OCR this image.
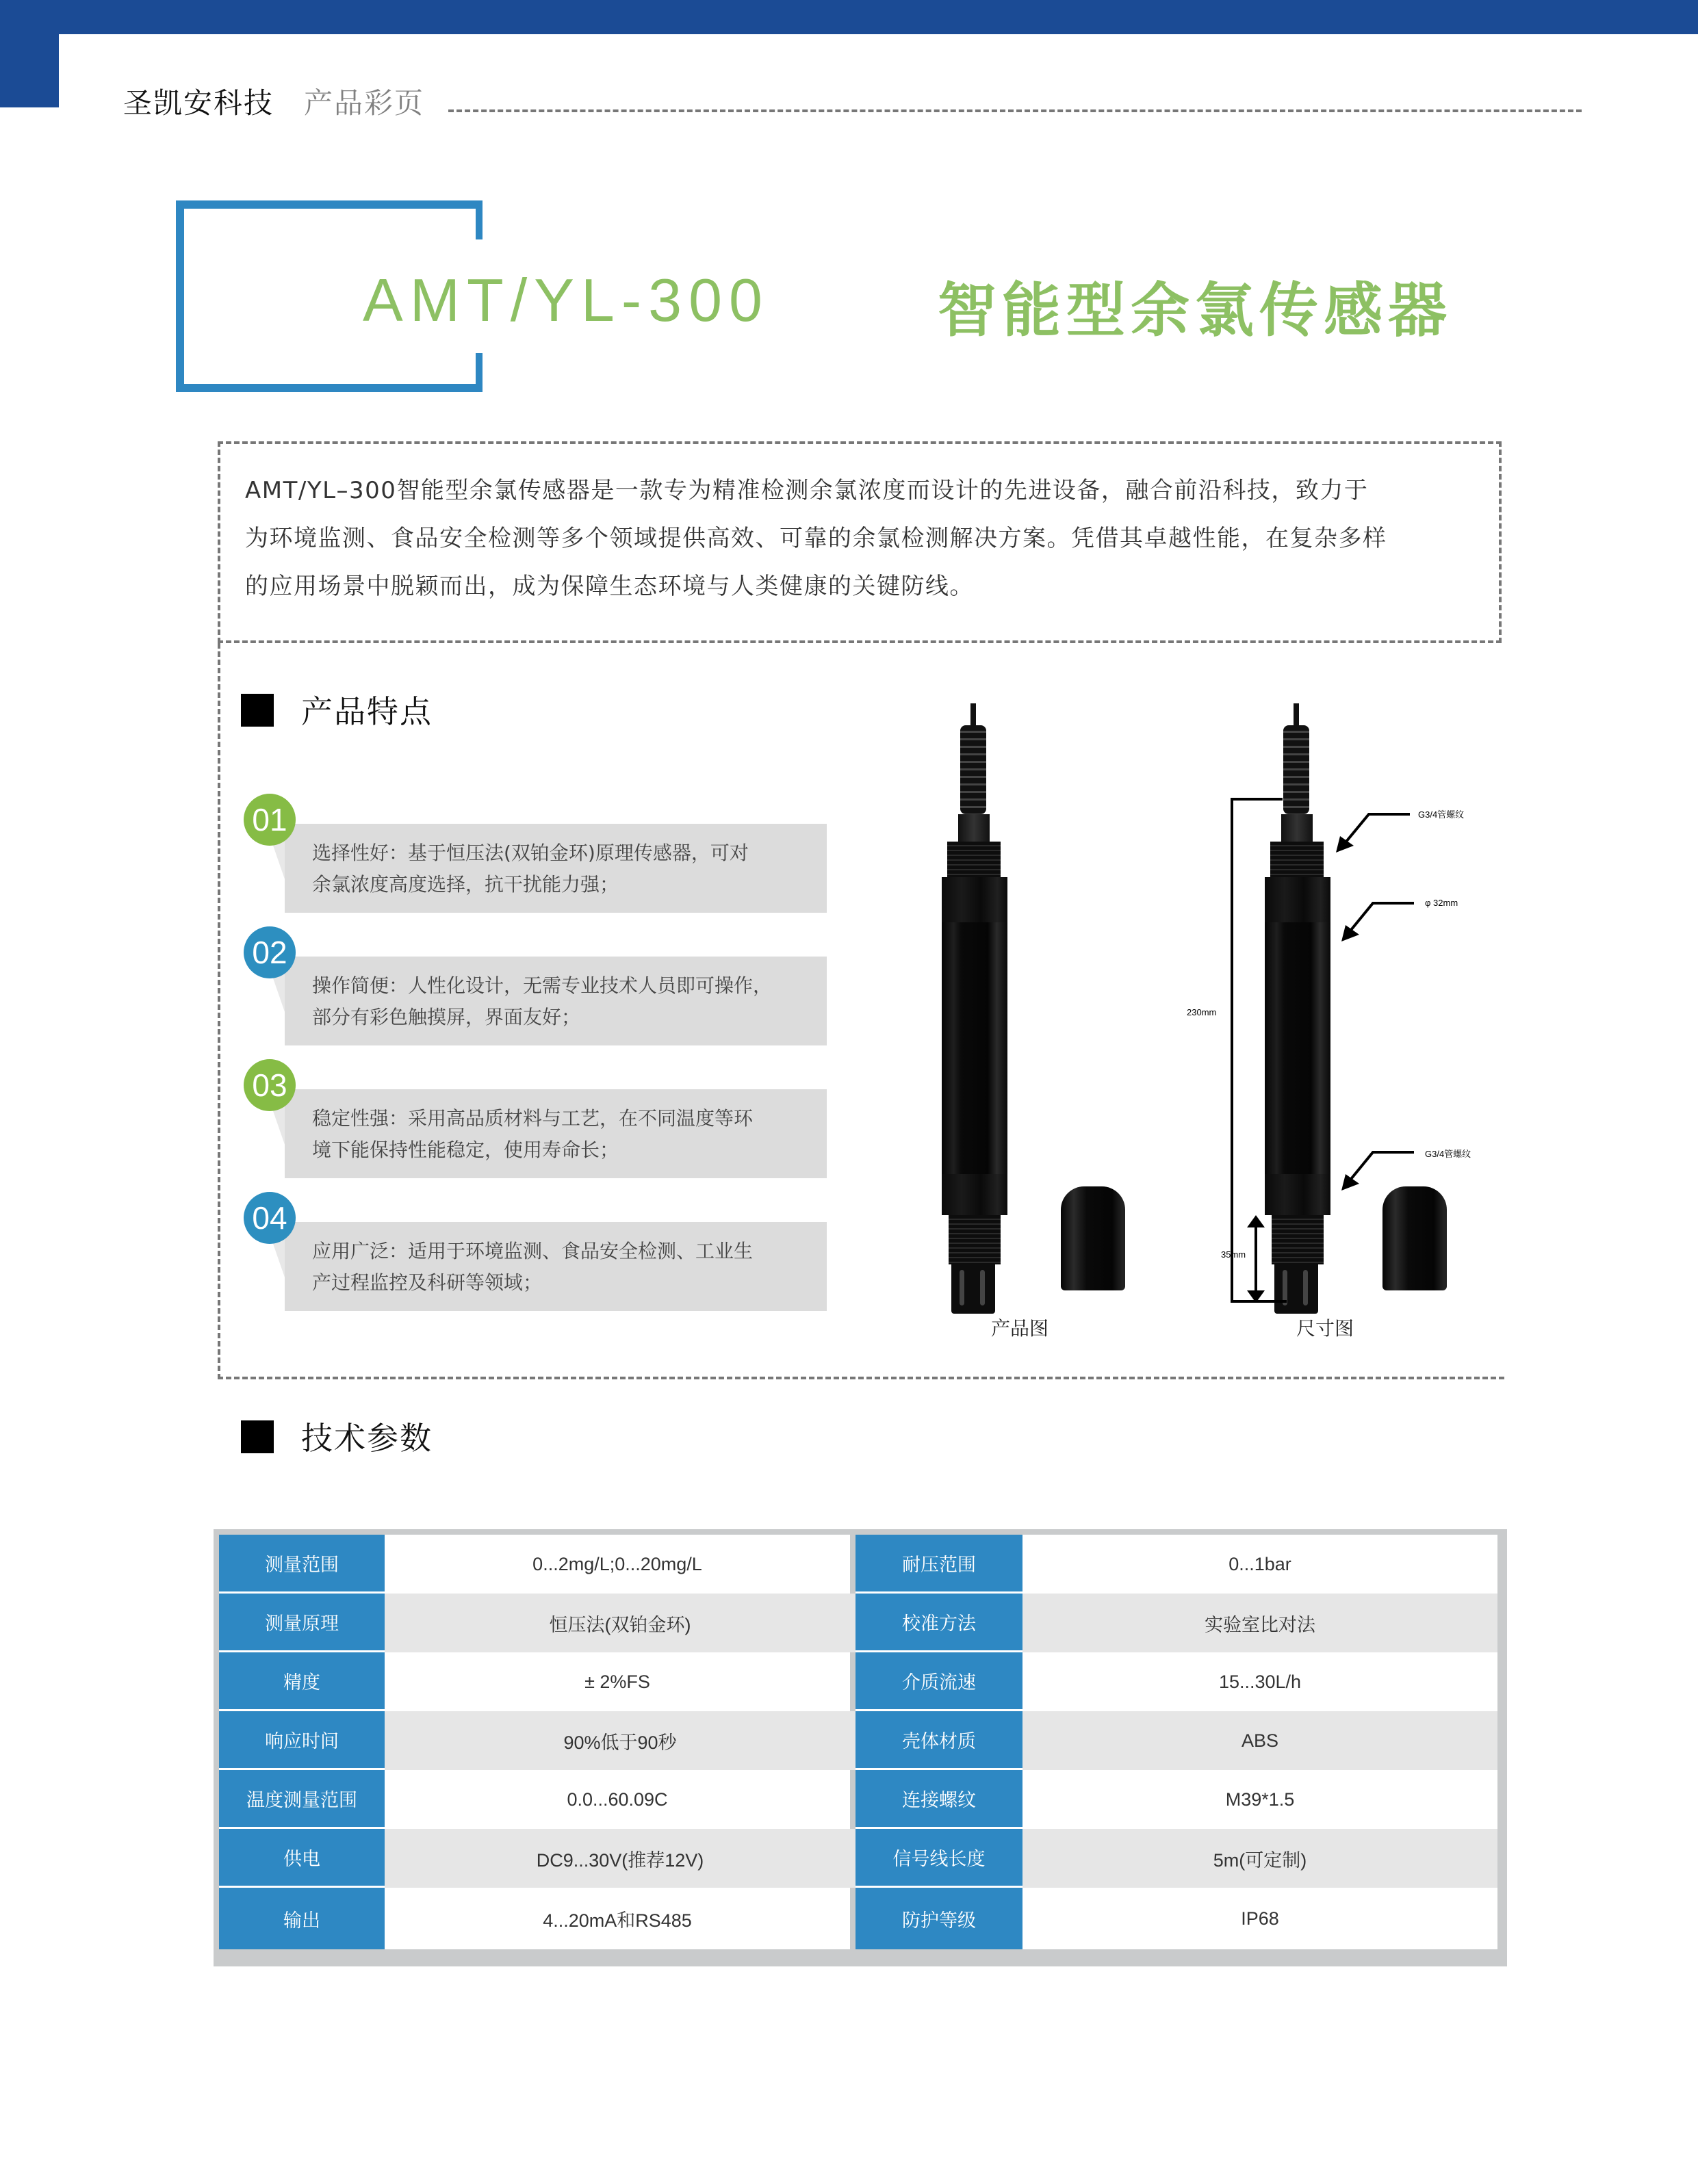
圣凯安科技 产品彩页
AMT/YL-300	智能型余氯传感器
AMT/YL–300智能型余氯传感器是一款专为精准检测余氯浓度而设计的先进设备，融合前沿科技，致力于
为环境监测、食品安全检测等多个领域提供高效、可靠的余氯检测解决方案。凭借其卓越性能，在复杂多样
的应用场景中脱颖而出，成为保障生态环境与人类健康的关键防线。
产品特点
01
选择性好：基于恒压法(双铂金环)原理传感器，可对
余氯浓度高度选择，抗干扰能力强；
02
操作简便：人性化设计，无需专业技术人员即可操作，
部分有彩色触摸屏，界面友好；
03
稳定性强：采用高品质材料与工艺，在不同温度等环
境下能保持性能稳定，使用寿命长；
04
应用广泛：适用于环境监测、食品安全检测、工业生
产过程监控及科研等领域；
产品图
230mm
35mm
G3/4管螺纹
φ 32mm
G3/4管螺纹
尺寸图
技术参数
测量范围	0...2mg/L;0...20mg/L	耐压范围	0...1bar
测量原理	恒压法(双铂金环)	校准方法	实验室比对法
精度	± 2%FS	介质流速	15...30L/h
响应时间	90%低于90秒	壳体材质	ABS
温度测量范围	0.0...60.09C	连接螺纹	M39*1.5
供电	DC9...30V(推荐12V)	信号线长度	5m(可定制)
输出	4...20mA和RS485	防护等级	IP68
